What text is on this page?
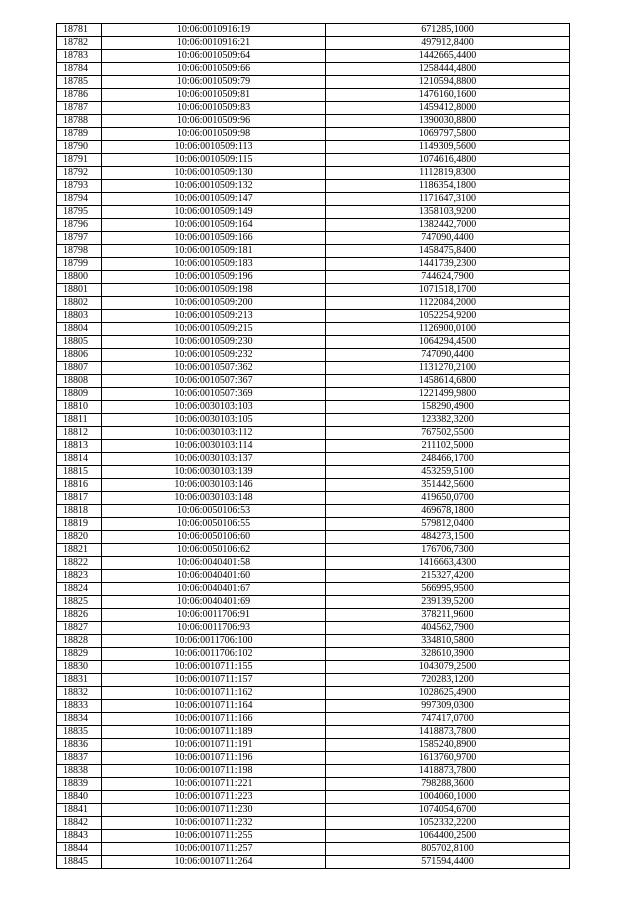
18781	10:06:0010916:19	671285,1000
18782	10:06:0010916:21	497912,8400
18783	10:06:0010509:64	1442665,4400
18784	10:06:0010509:66	1258444,4800
18785	10:06:0010509:79	1210594,8800
18786	10:06:0010509:81	1476160,1600
18787	10:06:0010509:83	1459412,8000
18788	10:06:0010509:96	1390030,8800
18789	10:06:0010509:98	1069797,5800
18790	10:06:0010509:113	1149309,5600
18791	10:06:0010509:115	1074616,4800
18792	10:06:0010509:130	1112819,8300
18793	10:06:0010509:132	1186354,1800
18794	10:06:0010509:147	1171647,3100
18795	10:06:0010509:149	1358103,9200
18796	10:06:0010509:164	1382442,7000
18797	10:06:0010509:166	747090,4400
18798	10:06:0010509:181	1458475,8400
18799	10:06:0010509:183	1441739,2300
18800	10:06:0010509:196	744624,7900
18801	10:06:0010509:198	1071518,1700
18802	10:06:0010509:200	1122084,2000
18803	10:06:0010509:213	1052254,9200
18804	10:06:0010509:215	1126900,0100
18805	10:06:0010509:230	1064294,4500
18806	10:06:0010509:232	747090,4400
18807	10:06:0010507:362	1131270,2100
18808	10:06:0010507:367	1458614,6800
18809	10:06:0010507:369	1221499,9800
18810	10:06:0030103:103	158290,4900
18811	10:06:0030103:105	123382,3200
18812	10:06:0030103:112	767502,5500
18813	10:06:0030103:114	211102,5000
18814	10:06:0030103:137	248466,1700
18815	10:06:0030103:139	453259,5100
18816	10:06:0030103:146	351442,5600
18817	10:06:0030103:148	419650,0700
18818	10:06:0050106:53	469678,1800
18819	10:06:0050106:55	579812,0400
18820	10:06:0050106:60	484273,1500
18821	10:06:0050106:62	176706,7300
18822	10:06:0040401:58	1416663,4300
18823	10:06:0040401:60	215327,4200
18824	10:06:0040401:67	566995,9500
18825	10:06:0040401:69	239139,5200
18826	10:06:0011706:91	378211,9600
18827	10:06:0011706:93	404562,7900
18828	10:06:0011706:100	334810,5800
18829	10:06:0011706:102	328610,3900
18830	10:06:0010711:155	1043079,2500
18831	10:06:0010711:157	720283,1200
18832	10:06:0010711:162	1028625,4900
18833	10:06:0010711:164	997309,0300
18834	10:06:0010711:166	747417,0700
18835	10:06:0010711:189	1418873,7800
18836	10:06:0010711:191	1585240,8900
18837	10:06:0010711:196	1613760,9700
18838	10:06:0010711:198	1418873,7800
18839	10:06:0010711:221	798288,3600
18840	10:06:0010711:223	1004060,1000
18841	10:06:0010711:230	1074054,6700
18842	10:06:0010711:232	1052332,2200
18843	10:06:0010711:255	1064400,2500
18844	10:06:0010711:257	805702,8100
18845	10:06:0010711:264	571594,4400
